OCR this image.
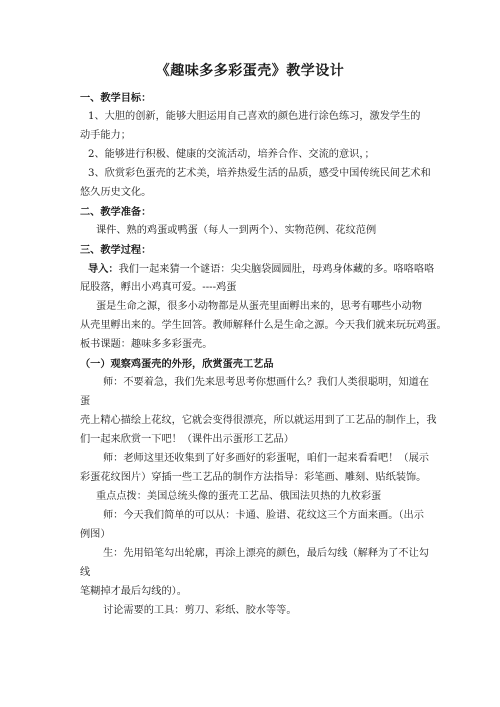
《趣味多多彩蛋壳》教学设计
一、教学目标：
1、大胆的创新，能够大胆运用自己喜欢的颜色进行涂色练习，激发学生的
动手能力；
2、能够进行积极、健康的交流活动，培养合作、交流的意识，；
3、欣赏彩色蛋壳的艺术美，培养热爱生活的品质，感受中国传统民间艺术和
悠久历史文化。
二、教学准备：
课件、熟的鸡蛋或鸭蛋（每人一到两个）、实物范例、花纹范例
三、教学过程：
导入：我们一起来猜一个谜语：尖尖脑袋圆圆肚，母鸡身体藏的多。咯咯咯咯
屁股落，孵出小鸡真可爱。----鸡蛋
蛋是生命之源，很多小动物都是从蛋壳里面孵出来的，思考有哪些小动物
从壳里孵出来的。学生回答。教师解释什么是生命之源。今天我们就来玩玩鸡蛋。
板书课题：趣味多多彩蛋壳。
（一）观察鸡蛋壳的外形，欣赏蛋壳工艺品
师：不要着急，我们先来思考思考你想画什么？我们人类很聪明，知道在
蛋
壳上精心描绘上花纹，它就会变得很漂亮，所以就运用到了工艺品的制作上，我
们一起来欣赏一下吧！（课件出示蛋形工艺品）
师：老师这里还收集到了好多画好的彩蛋呢，咱们一起来看看吧！（展示
彩蛋花纹图片）穿插一些工艺品的制作方法指导：彩笔画、雕刻、贴纸装饰。
重点点拨：美国总统头像的蛋壳工艺品、俄国法贝热的九枚彩蛋
师：今天我们简单的可以从：卡通、脸谱、花纹这三个方面来画。（出示
例图）
生：先用铅笔勾出轮廓，再涂上漂亮的颜色，最后勾线（解释为了不让勾
线
笔糊掉才最后勾线的）。
讨论需要的工具：剪刀、彩纸、胶水等等。
